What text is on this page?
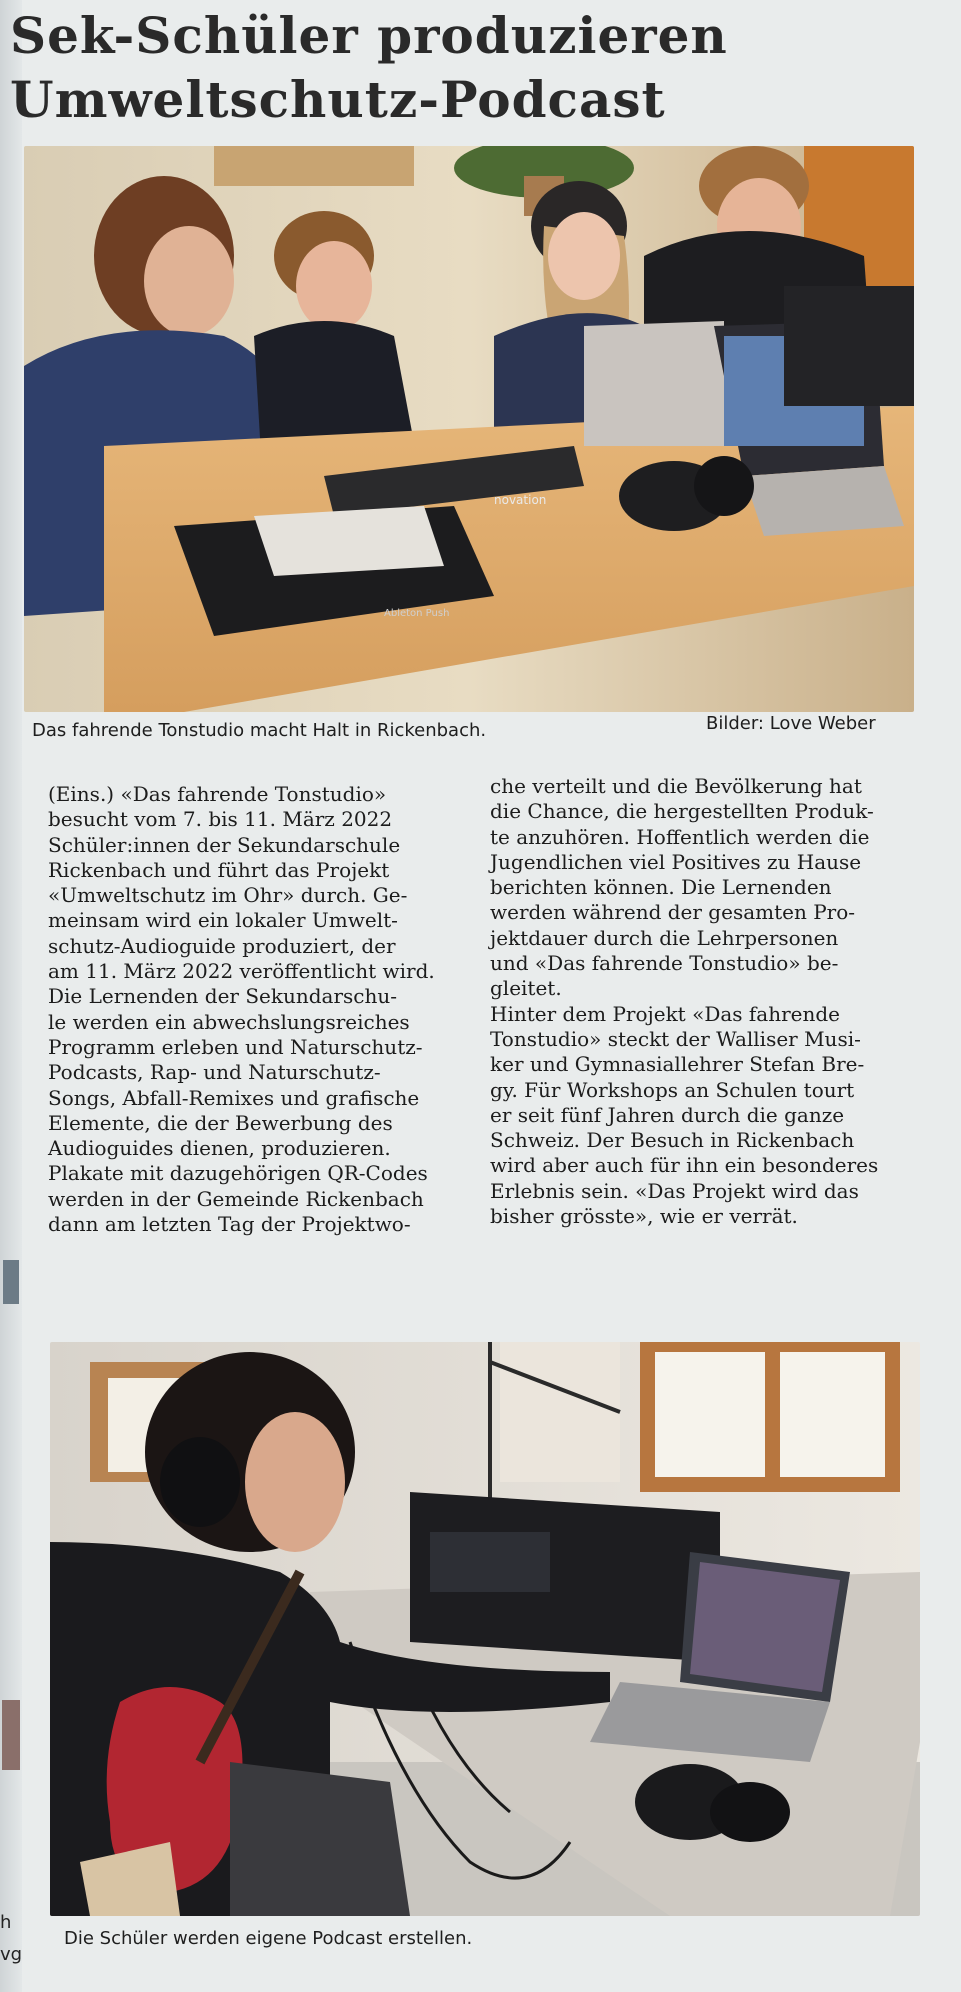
h
vg
Sek-Schüler produzieren
Umweltschutz-Podcast
novation
Ableton Push
Das fahrende Tonstudio macht Halt in Rickenbach.	Bilder: Love Weber
(Eins.) «Das fahrende Tonstudio»
besucht vom 7. bis 11. März 2022
Schüler:innen der Sekundarschule
Rickenbach und führt das Projekt
«Umweltschutz im Ohr» durch. Ge-
meinsam wird ein lokaler Umwelt-
schutz-Audioguide produziert, der
am 11. März 2022 veröffentlicht wird.
Die Lernenden der Sekundarschu-
le werden ein abwechslungsreiches
Programm erleben und Naturschutz-
Podcasts, Rap- und Naturschutz-
Songs, Abfall-Remixes und grafische
Elemente, die der Bewerbung des
Audioguides dienen, produzieren.
Plakate mit dazugehörigen QR-Codes
werden in der Gemeinde Rickenbach
dann am letzten Tag der Projektwo-
che verteilt und die Bevölkerung hat
die Chance, die hergestellten Produk-
te anzuhören. Hoffentlich werden die
Jugendlichen viel Positives zu Hause
berichten können. Die Lernenden
werden während der gesamten Pro-
jektdauer durch die Lehrpersonen
und «Das fahrende Tonstudio» be-
gleitet.
Hinter dem Projekt «Das fahrende
Tonstudio» steckt der Walliser Musi-
ker und Gymnasiallehrer Stefan Bre-
gy. Für Workshops an Schulen tourt
er seit fünf Jahren durch die ganze
Schweiz. Der Besuch in Rickenbach
wird aber auch für ihn ein besonderes
Erlebnis sein. «Das Projekt wird das
bisher grösste», wie er verrät.
Die Schüler werden eigene Podcast erstellen.
